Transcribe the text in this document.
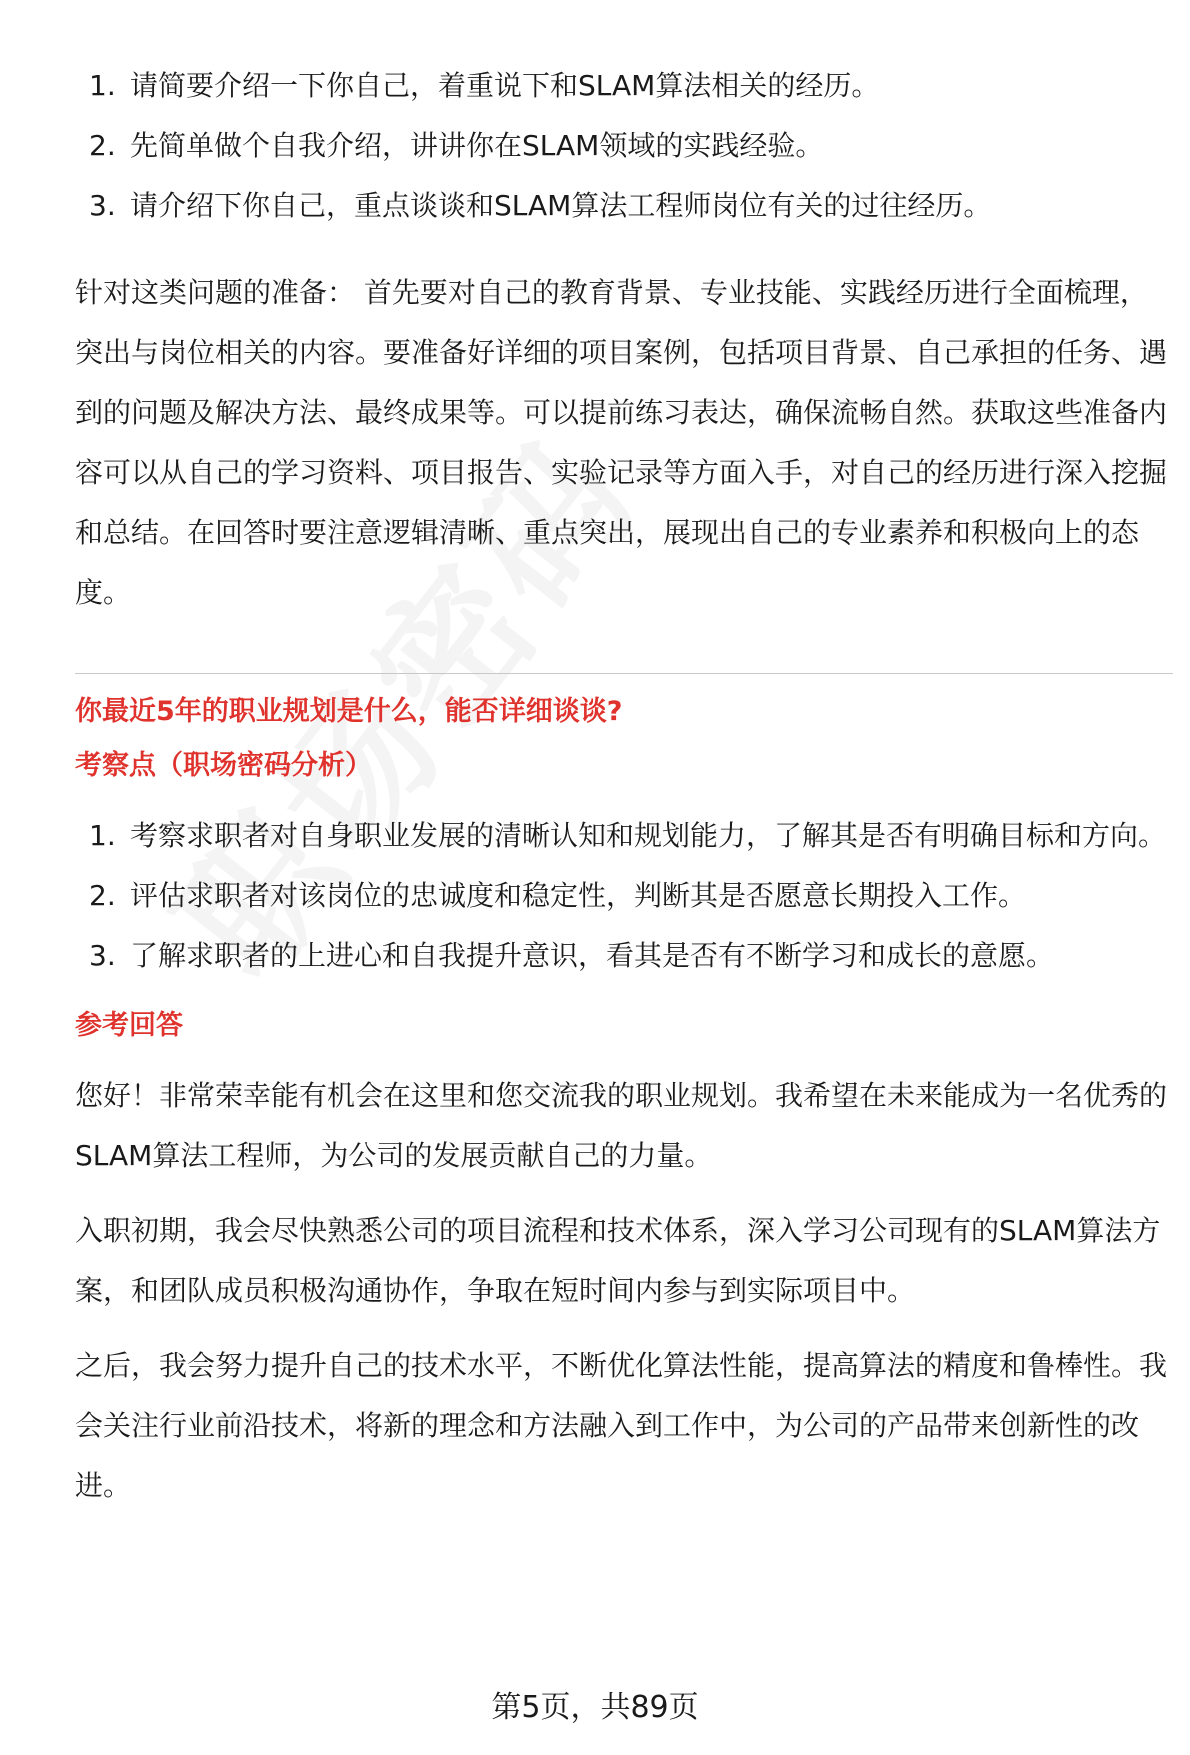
1. 请简要介绍一下你自己，着重说下和SLAM算法相关的经历。
2. 先简单做个自我介绍，讲讲你在SLAM领域的实践经验。
3. 请介绍下你自己，重点谈谈和SLAM算法工程师岗位有关的过往经历。

针对这类问题的准备： 首先要对自己的教育背景、专业技能、实践经历进行全面梳理，突出与岗位相关的内容。要准备好详细的项目案例，包括项目背景、自己承担的任务、遇到的问题及解决方法、最终成果等。可以提前练习表达，确保流畅自然。获取这些准备内容可以从自己的学习资料、项目报告、实验记录等方面入手，对自己的经历进行深入挖掘和总结。在回答时要注意逻辑清晰、重点突出，展现出自己的专业素养和积极向上的态度。

你最近5年的职业规划是什么，能否详细谈谈?
考察点（职场密码分析）
1. 考察求职者对自身职业发展的清晰认知和规划能力，了解其是否有明确目标和方向。
2. 评估求职者对该岗位的忠诚度和稳定性，判断其是否愿意长期投入工作。
3. 了解求职者的上进心和自我提升意识，看其是否有不断学习和成长的意愿。
参考回答

您好！非常荣幸能有机会在这里和您交流我的职业规划。我希望在未来能成为一名优秀的SLAM算法工程师，为公司的发展贡献自己的力量。

入职初期，我会尽快熟悉公司的项目流程和技术体系，深入学习公司现有的SLAM算法方案，和团队成员积极沟通协作，争取在短时间内参与到实际项目中。

之后，我会努力提升自己的技术水平，不断优化算法性能，提高算法的精度和鲁棒性。我会关注行业前沿技术，将新的理念和方法融入到工作中，为公司的产品带来创新性的改进。

第5页，共89页
